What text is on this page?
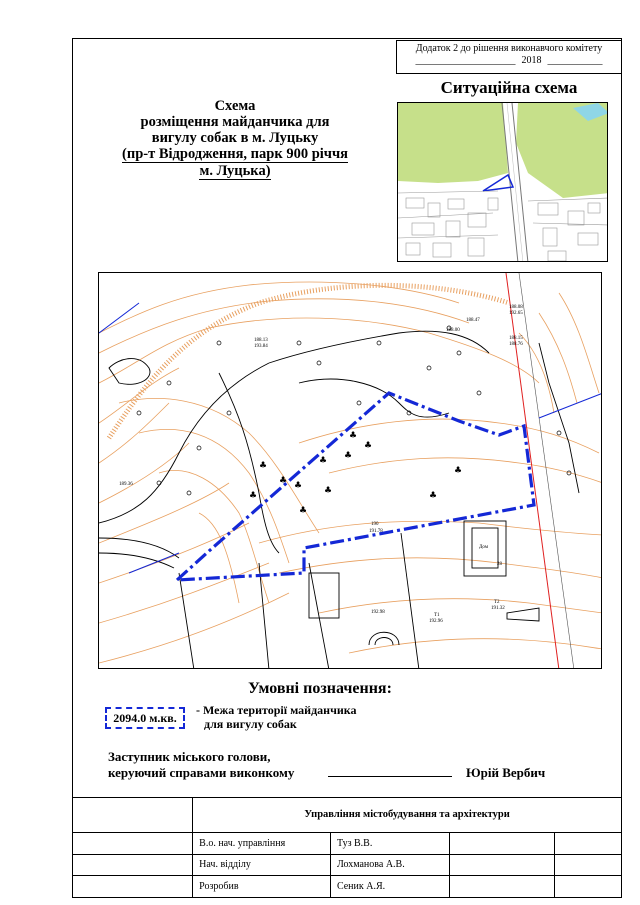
Додаток 2 до рішення виконавчого комітету
____________________ 2018 ___________
Ситуаційна схема
Схема
розміщення майданчика для
вигулу собак в м. Луцьку
(пр-т Відродження, парк 900 річчя
м. Луцька)
♣
♣
♣ ♣
♣ ♣
♣
♣	♣
♣
♣
♣
188.13
193.84
188.47
188.00
188.08
192.65
188.15
188.76
189.36
190
191.78
Дом
28
Т2
191.32
Т1
192.96
192.98
Умовні позначення:
2094.0 м.кв.
- Межа території майданчика
для вигулу собак
Заступник міського голови,
керуючий справами виконкому	Юрій Вербич
	Управління містобудування та архітектури			
	В.о. нач. управління	Туз В.В.		
	Нач. відділу	Лохманова А.В.		
	Розробив	Сеник А.Я.		
